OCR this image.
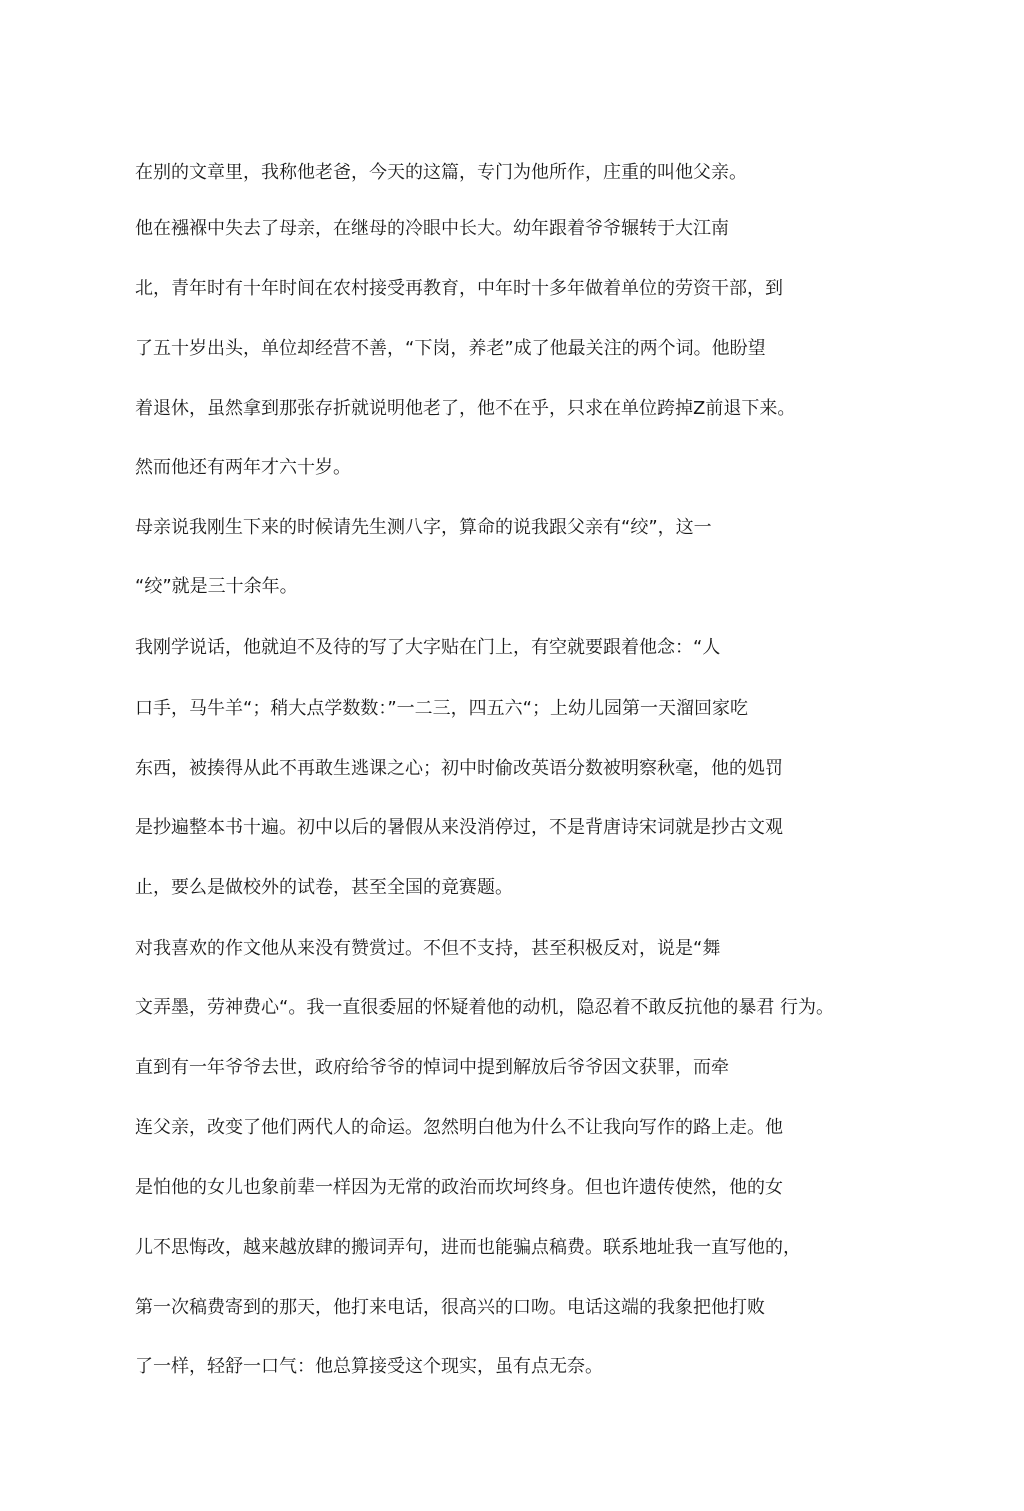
在别的文章里，我称他老爸，今天的这篇，专门为他所作，庄重的叫他父亲。
他在襁褓中失去了母亲，在继母的冷眼中长大。幼年跟着爷爷辗转于大江南
北，青年时有十年时间在农村接受再教育，中年时十多年做着单位的劳资干部，到
了五十岁出头，单位却经营不善，“下岗，养老”成了他最关注的两个词。他盼望
着退休，虽然拿到那张存折就说明他老了，他不在乎，只求在单位跨掉Z前退下来。
然而他还有两年才六十岁。
母亲说我刚生下来的时候请先生测八字，算命的说我跟父亲有“绞”，这一
“绞”就是三十余年。
我刚学说话，他就迫不及待的写了大字贴在门上，有空就要跟着他念：“人
口手，马牛羊“；稍大点学数数：”一二三，四五六“；上幼儿园第一天溜回家吃
东西，被揍得从此不再敢生逃课之心；初中时偷改英语分数被明察秋毫，他的処罚
是抄遍整本书十遍。初中以后的暑假从来没消停过，不是背唐诗宋词就是抄古文观
止，要么是做校外的试卷，甚至全国的竟赛题。
对我喜欢的作文他从来没有赞赏过。不但不支持，甚至积极反对，说是“舞
文弄墨，劳神费心“。我一直很委屈的怀疑着他的动机，隐忍着不敢反抗他的暴君 行为。
直到有一年爷爷去世，政府给爷爷的悼词中提到解放后爷爷因文获罪，而牵
连父亲，改变了他们两代人的命运。忽然明白他为什么不让我向写作的路上走。他
是怕他的女儿也象前辈一样因为无常的政治而坎坷终身。但也许遗传使然，他的女
儿不思悔改，越来越放肆的搬词弄句，进而也能骗点稿费。联系地址我一直写他的，
第一次稿费寄到的那天，他打来电话，很高兴的口吻。电话这端的我象把他打败
了一样，轻舒一口气：他总算接受这个现实，虽有点无奈。
